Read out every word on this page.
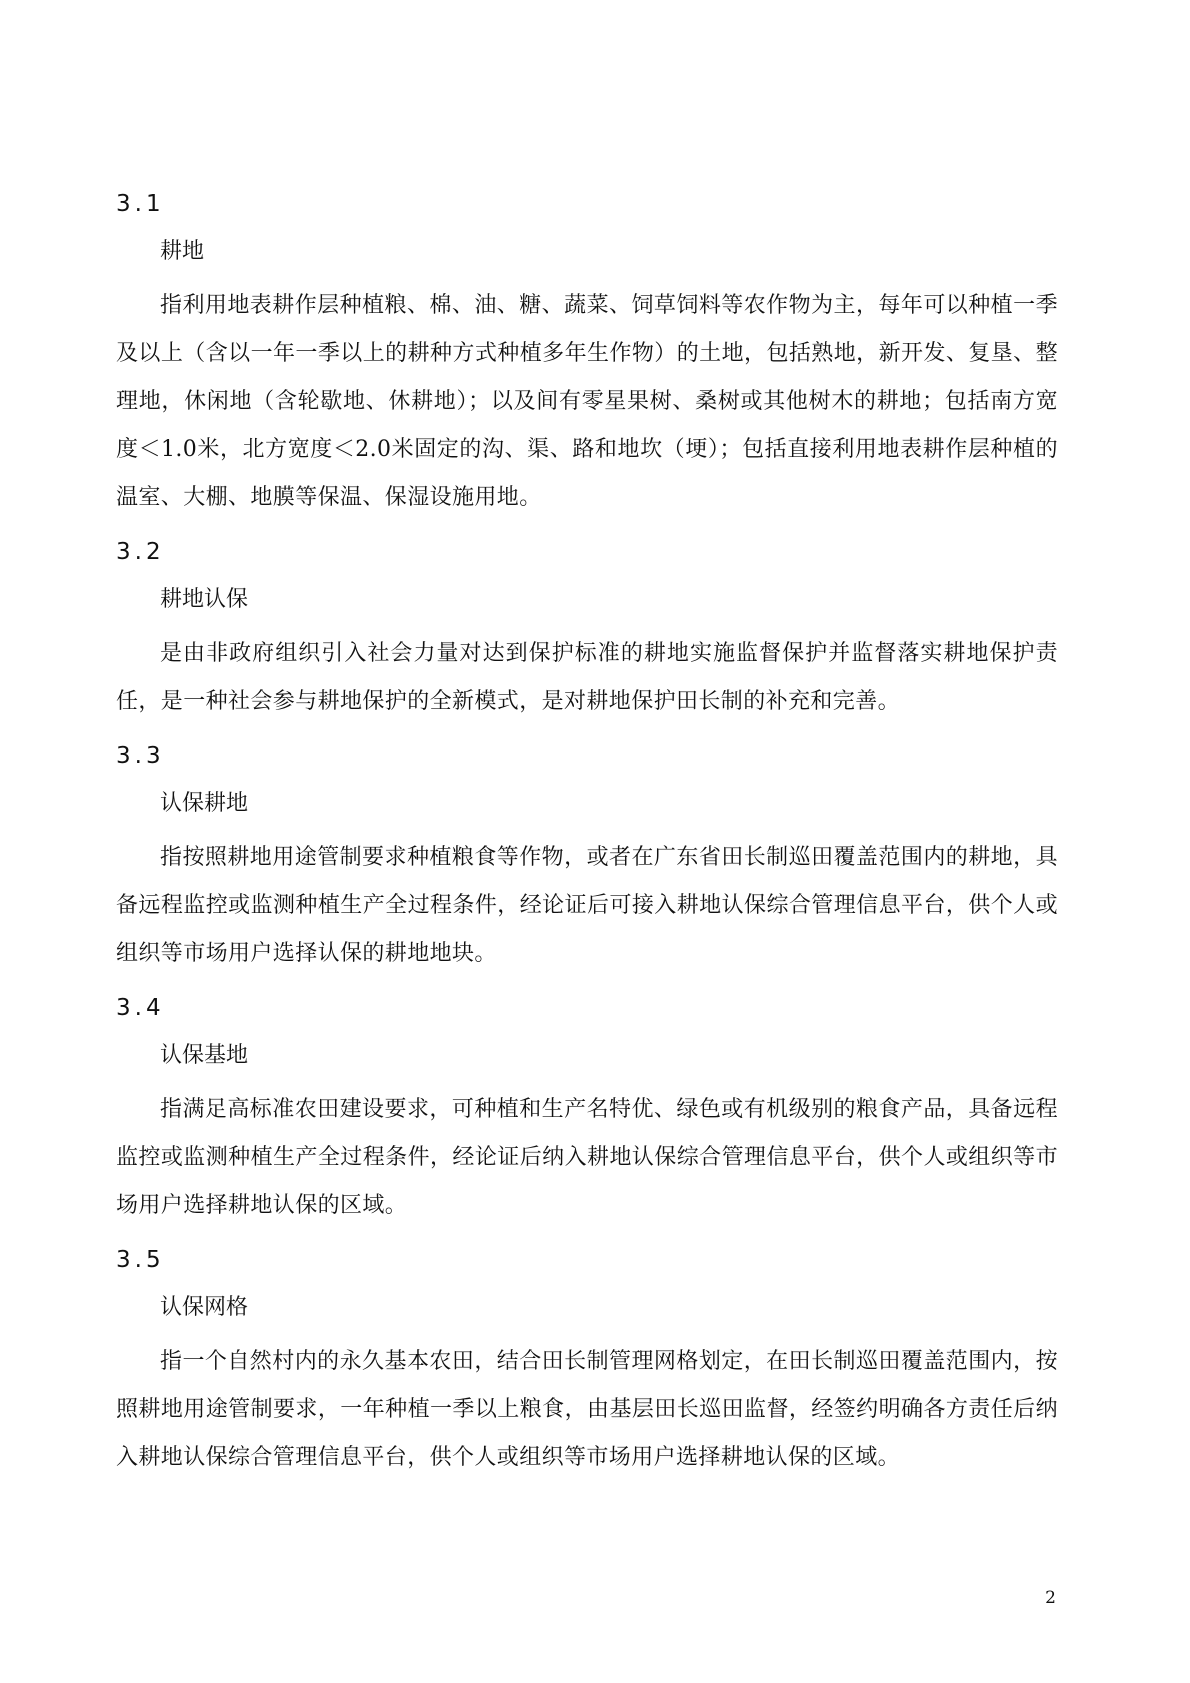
3.1
耕地

指利用地表耕作层种植粮、棉、油、糖、蔬菜、饲草饲料等农作物为主，每年可以种植一季及以上（含以一年一季以上的耕种方式种植多年生作物）的土地，包括熟地，新开发、复垦、整理地，休闲地（含轮歇地、休耕地）；以及间有零星果树、桑树或其他树木的耕地；包括南方宽度＜1.0米，北方宽度＜2.0米固定的沟、渠、路和地坎（埂）；包括直接利用地表耕作层种植的温室、大棚、地膜等保温、保湿设施用地。

3.2
耕地认保

是由非政府组织引入社会力量对达到保护标准的耕地实施监督保护并监督落实耕地保护责任，是一种社会参与耕地保护的全新模式，是对耕地保护田长制的补充和完善。

3.3
认保耕地

指按照耕地用途管制要求种植粮食等作物，或者在广东省田长制巡田覆盖范围内的耕地，具备远程监控或监测种植生产全过程条件，经论证后可接入耕地认保综合管理信息平台，供个人或组织等市场用户选择认保的耕地地块。

3.4
认保基地

指满足高标准农田建设要求，可种植和生产名特优、绿色或有机级别的粮食产品，具备远程监控或监测种植生产全过程条件，经论证后纳入耕地认保综合管理信息平台，供个人或组织等市场用户选择耕地认保的区域。

3.5
认保网格

指一个自然村内的永久基本农田，结合田长制管理网格划定，在田长制巡田覆盖范围内，按照耕地用途管制要求，一年种植一季以上粮食，由基层田长巡田监督，经签约明确各方责任后纳入耕地认保综合管理信息平台，供个人或组织等市场用户选择耕地认保的区域。

2
